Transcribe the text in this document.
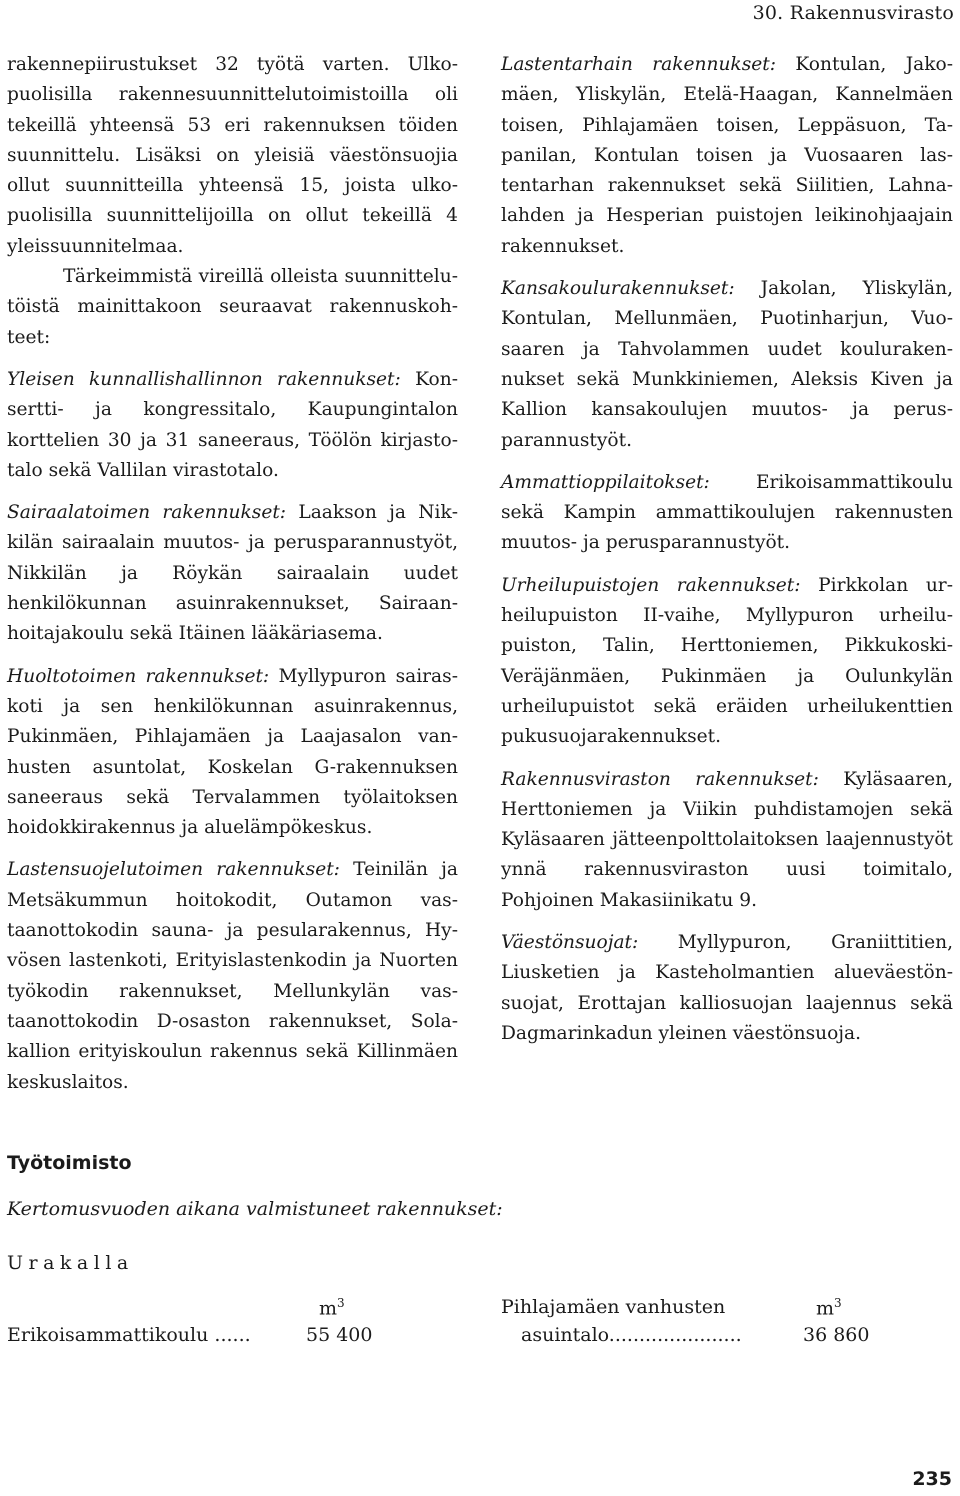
30. Rakennusvirasto

rakennepiirustukset 32 työtä varten. Ulkopuolisilla rakennesuunnittelutoimistoilla oli tekeillä yhteensä 53 eri rakennuksen töiden suunnittelu. Lisäksi on yleisiä väestönsuojia ollut suunnitteilla yhteensä 15, joista ulkopuolisilla suunnittelijoilla on ollut tekeillä 4 yleissuunnitelmaa.

Tärkeimmistä vireillä olleista suunnittelutöistä mainittakoon seuraavat rakennuskohteet:

Yleisen kunnallishallinnon rakennukset: Konsertti- ja kongressitalo, Kaupungintalon korttelien 30 ja 31 saneeraus, Töölön kirjastotalo sekä Vallilan virastotalo.

Sairaalatoimen rakennukset: Laakson ja Nikkilän sairaalain muutos- ja perusparannustyöt, Nikkilän ja Röykän sairaalain uudet henkilökunnan asuinrakennukset, Sairaanhoitajakoulu sekä Itäinen lääkäriasema.

Huoltotoimen rakennukset: Myllypuron sairaskoti ja sen henkilökunnan asuinrakennus, Pukinmäen, Pihlajamäen ja Laajasalon vanhusten asuntolat, Koskelan G-rakennuksen saneeraus sekä Tervalammen työlaitoksen hoidokkirakennus ja aluelämpökeskus.

Lastensuojelutoimen rakennukset: Teinilän ja Metsäkummun hoitokodit, Outamon vastaanottokodin sauna- ja pesularakennus, Hyvösen lastenkoti, Erityislastenkodin ja Nuorten työkodin rakennukset, Mellunkylän vastaanottokodin D-osaston rakennukset, Solakallion erityiskoulun rakennus sekä Killinmäen keskuslaitos.

Lastentarhain rakennukset: Kontulan, Jakomäen, Yliskylän, Etelä-Haagan, Kannelmäen toisen, Pihlajamäen toisen, Leppäsuon, Tapanilan, Kontulan toisen ja Vuosaaren lastentarhan rakennukset sekä Siilitien, Lahnalahden ja Hesperian puistojen leikinohjaajain rakennukset.

Kansakoulurakennukset: Jakolan, Yliskylän, Kontulan, Mellunmäen, Puotinharjun, Vuosaaren ja Tahvolammen uudet koulurakennukset sekä Munkkiniemen, Aleksis Kiven ja Kallion kansakoulujen muutos- ja perusparannustyöt.

Ammattioppilaitokset: Erikoisammattikoulu sekä Kampin ammattikoulujen rakennusten muutos- ja perusparannustyöt.

Urheilupuistojen rakennukset: Pirkkolan urheilupuiston II-vaihe, Myllypuron urheilupuiston, Talin, Herttoniemen, Pikkukoski-Veräjänmäen, Pukinmäen ja Oulunkylän urheilupuistot sekä eräiden urheilukenttien pukusuojarakennukset.

Rakennusviraston rakennukset: Kyläsaaren, Herttoniemen ja Viikin puhdistamojen sekä Kyläsaaren jätteenpolttolaitoksen laajennustyöt ynnä rakennusviraston uusi toimitalo, Pohjoinen Makasiinikatu 9.

Väestönsuojat: Myllypuron, Graniittitien, Liusketien ja Kasteholmantien alueväestönsuojat, Erottajan kalliosuojan laajennus sekä Dagmarinkadun yleinen väestönsuoja.

Työtoimisto

Kertomusvuoden aikana valmistuneet rakennukset:

Urakalla

$m^3$
Erikoisammattikoulu ......	55 400
Pihlajamäen vanhusten	$m^3$
asuintalo......................	36 860
235
